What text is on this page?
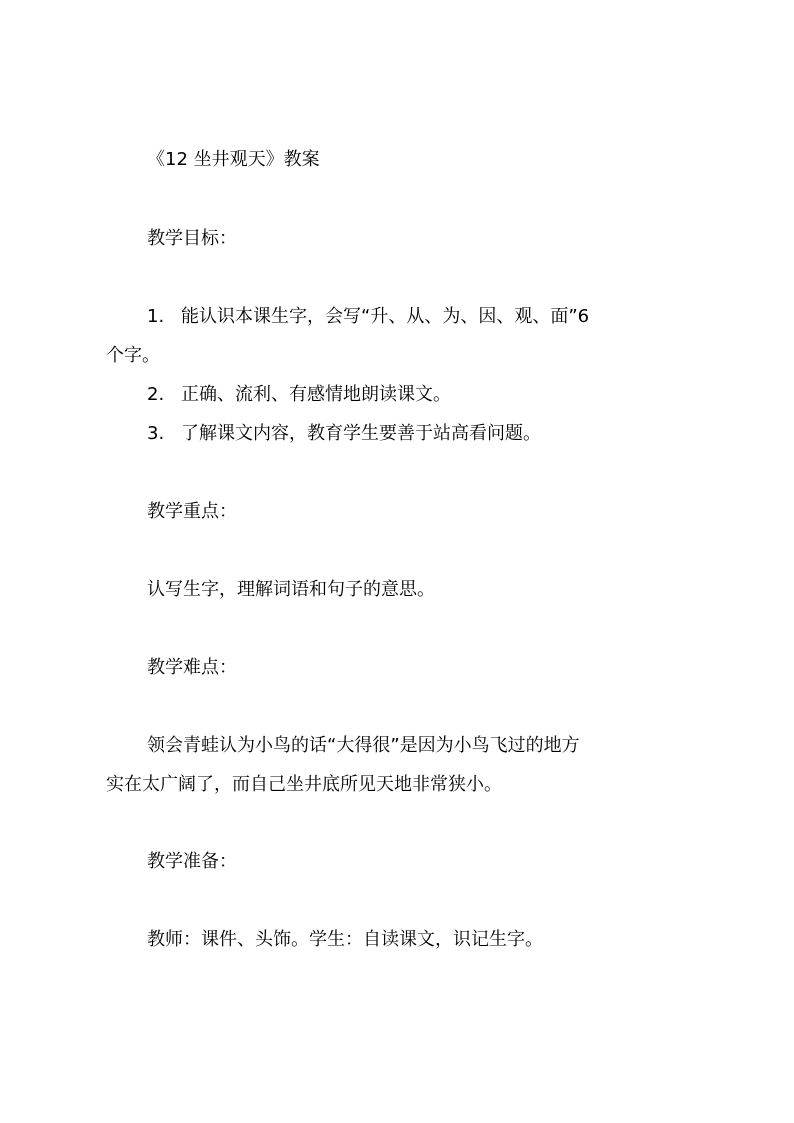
《12 坐井观天》教案
教学目标：
1. 能认识本课生字，会写“升、从、为、因、观、面”6
个字。
2. 正确、流利、有感情地朗读课文。
3. 了解课文内容，教育学生要善于站高看问题。
教学重点：
认写生字，理解词语和句子的意思。
教学难点：
领会青蛙认为小鸟的话“大得很”是因为小鸟飞过的地方
实在太广阔了，而自己坐井底所见天地非常狭小。
教学准备：
教师：课件、头饰。学生：自读课文，识记生字。
